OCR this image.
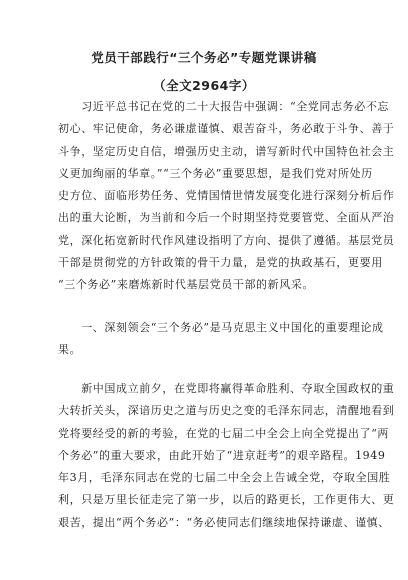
党员干部践行“三个务必”专题党课讲稿
（全文2964字）
　　习近平总书记在党的二十大报告中强调：“全党同志务必不忘
初心、牢记使命，务必谦虚谨慎、艰苦奋斗，务必敢于斗争、善于
斗争，坚定历史自信，增强历史主动，谱写新时代中国特色社会主
义更加绚丽的华章。”“三个务必”重要思想，是我们党对所处历
史方位、面临形势任务、党情国情世情发展变化进行深刻分析后作
出的重大论断，为当前和今后一个时期坚持党要管党、全面从严治
党，深化拓宽新时代作风建设指明了方向、提供了遵循。基层党员
干部是贯彻党的方针政策的骨干力量，是党的执政基石，更要用
“三个务必”来磨炼新时代基层党员干部的新风采。
　　一、深刻领会“三个务必”是马克思主义中国化的重要理论成
果。
　　新中国成立前夕，在党即将赢得革命胜利、夺取全国政权的重
大转折关头，深谙历史之道与历史之变的毛泽东同志，清醒地看到
党将要经受的新的考验，在党的七届二中全会上向全党提出了“两
个务必”的重大要求，由此开始了“进京赶考”的艰辛路程。1949
年3月，毛泽东同志在党的七届二中全会上告诫全党，夺取全国胜
利，只是万里长征走完了第一步，以后的路更长，工作更伟大、更
艰苦，提出“两个务必”：“务必使同志们继续地保持谦虚、谨慎、
